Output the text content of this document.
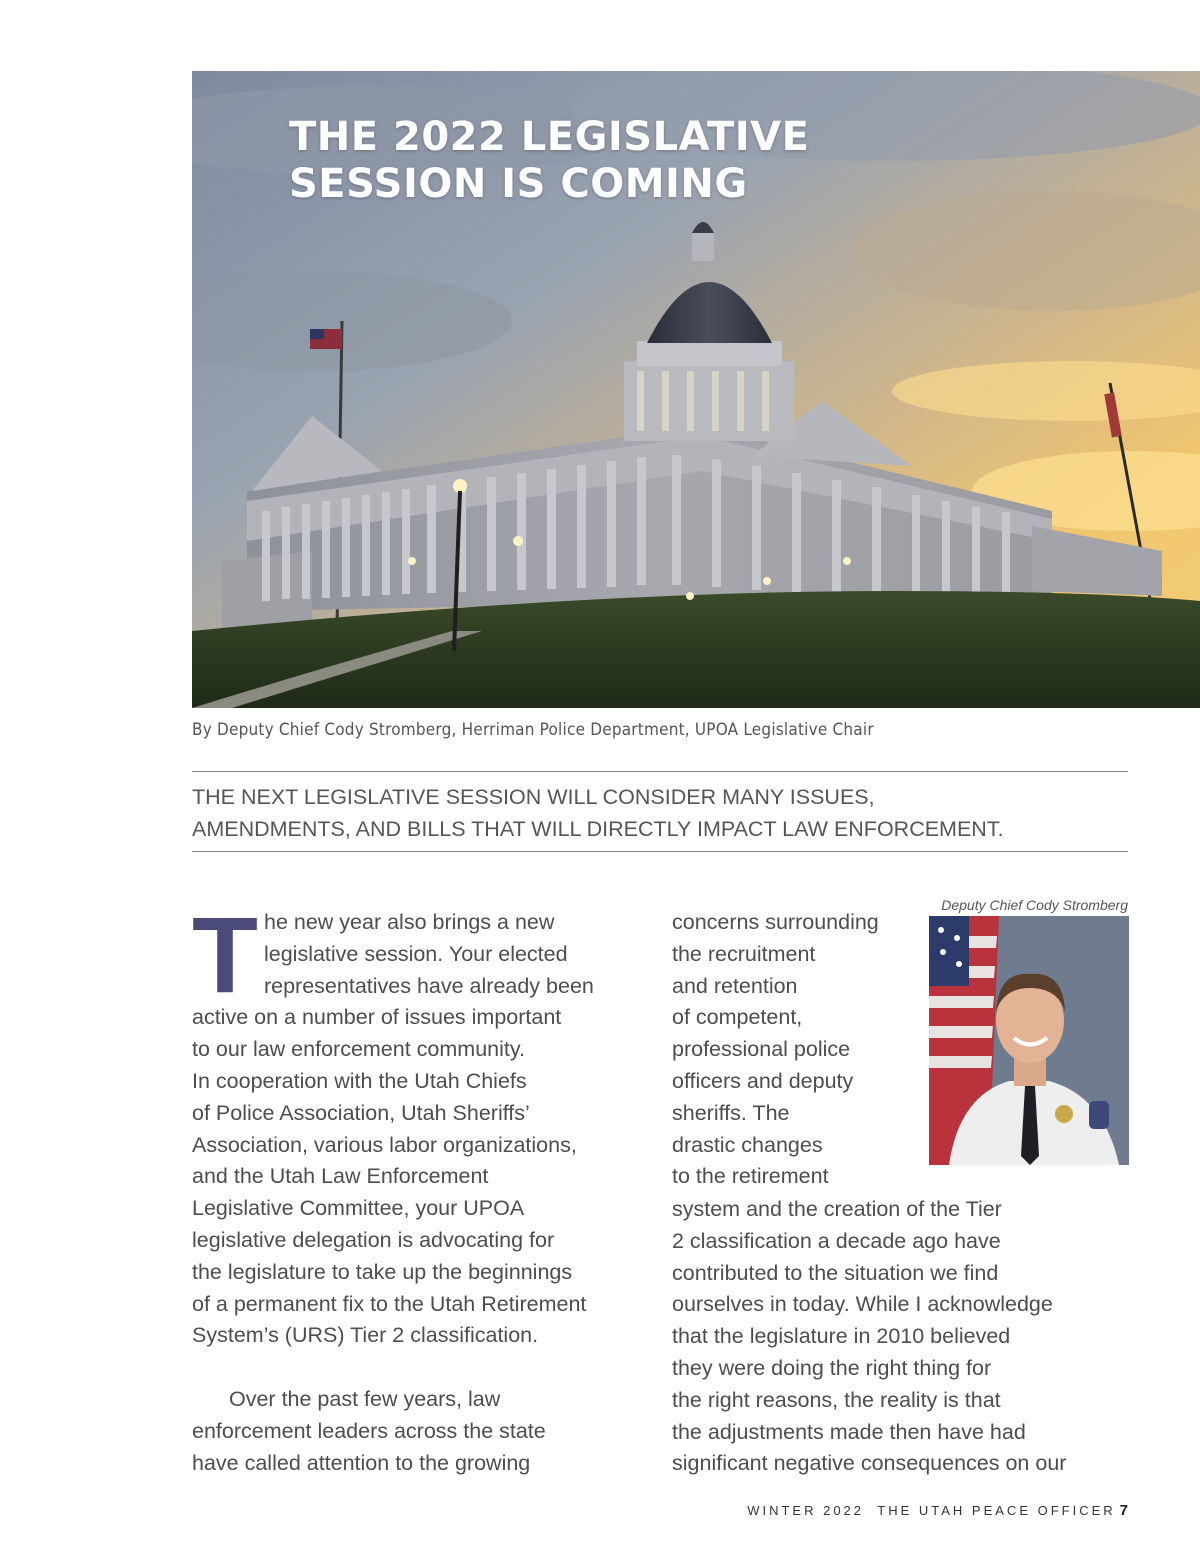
THE 2022 LEGISLATIVE
SESSION IS COMING
By Deputy Chief Cody Stromberg, Herriman Police Department, UPOA Legislative Chair

THE NEXT LEGISLATIVE SESSION WILL CONSIDER MANY ISSUES,
AMENDMENTS, AND BILLS THAT WILL DIRECTLY IMPACT LAW ENFORCEMENT.

T he new year also brings a new
legislative session. Your elected
representatives have already been
active on a number of issues important
to our law enforcement community.
In cooperation with the Utah Chiefs
of Police Association, Utah Sheriffs’
Association, various labor organizations,
and the Utah Law Enforcement
Legislative Committee, your UPOA
legislative delegation is advocating for
the legislature to take up the beginnings
of a permanent fix to the Utah Retirement
System’s (URS) Tier 2 classification.
Over the past few years, law
enforcement leaders across the state
have called attention to the growing
concerns surrounding
the recruitment
and retention
of competent,
professional police
officers and deputy
sheriffs. The
drastic changes
to the retirement
system and the creation of the Tier
2 classification a decade ago have
contributed to the situation we find
ourselves in today. While I acknowledge
that the legislature in 2010 believed
they were doing the right thing for
the right reasons, the reality is that
the adjustments made then have had
significant negative consequences on our
Deputy Chief Cody Stromberg
WINTER 2022 THE UTAH PEACE OFFICER 7
